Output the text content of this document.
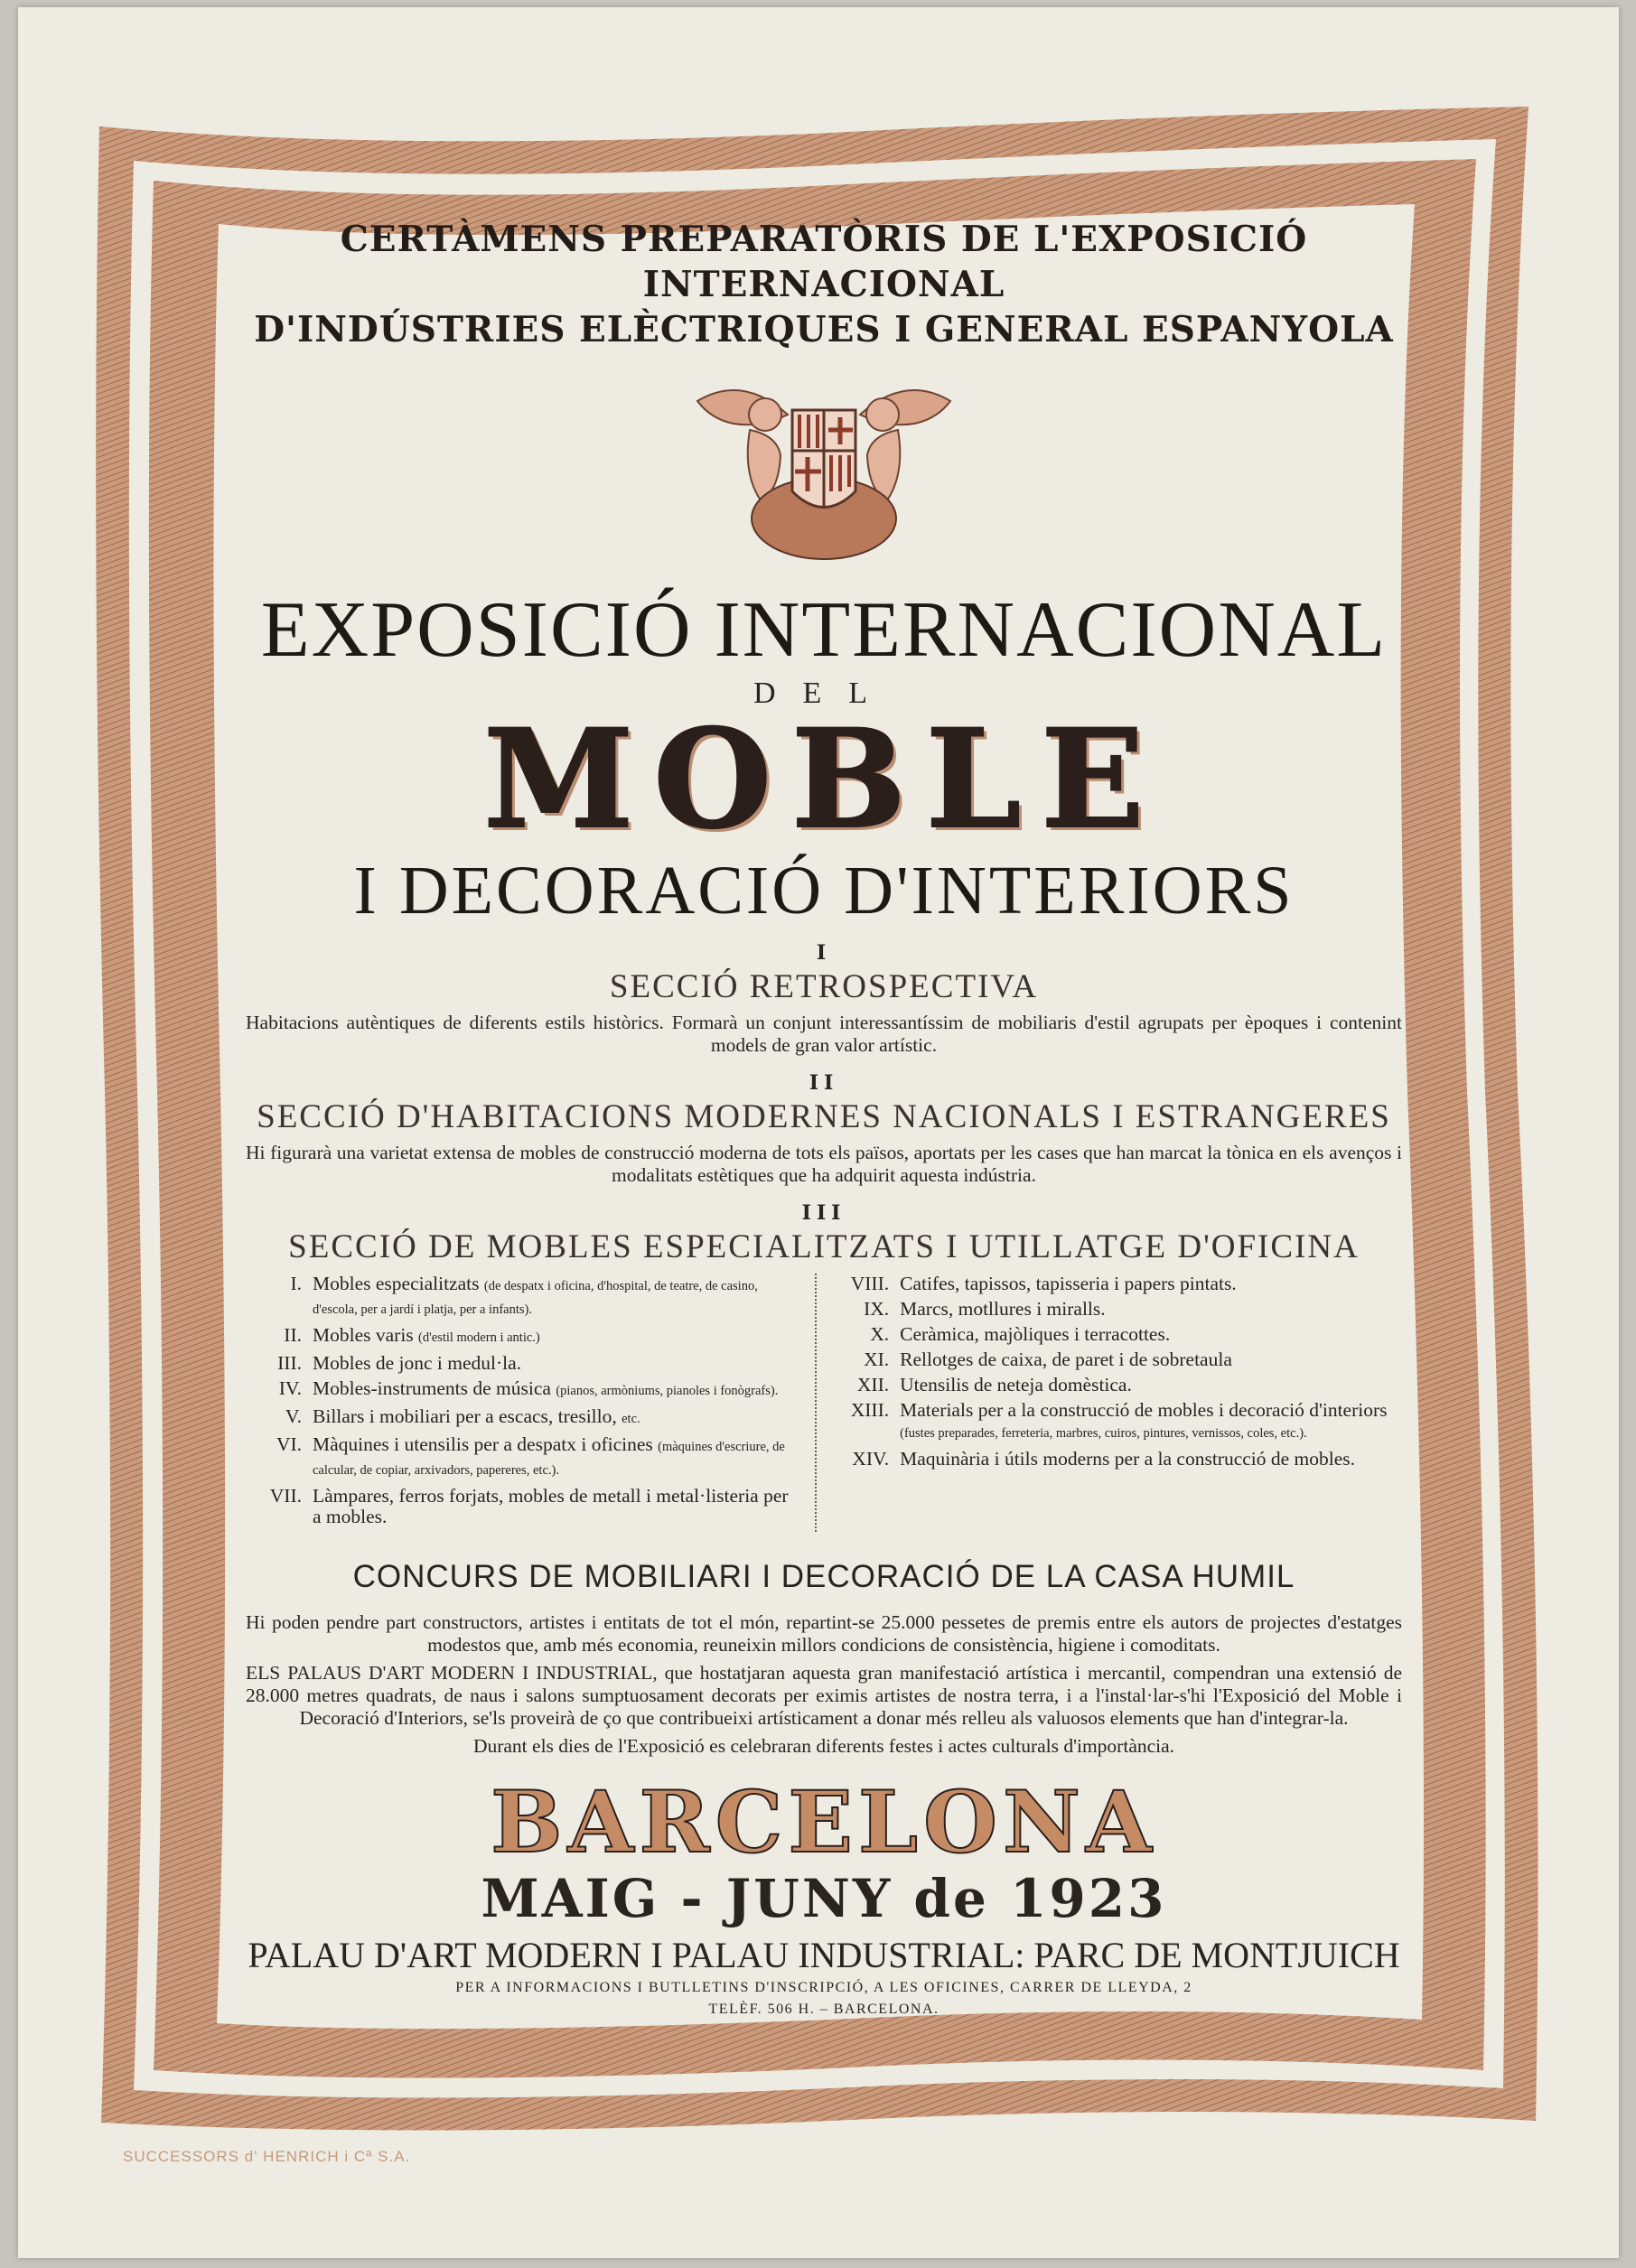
SUCCESSORS d' HENRICH i Cª S.A.

CERTÀMENS PREPARATÒRIS DE L'EXPOSICIÓ INTERNACIONAL

D'INDÚSTRIES ELÈCTRIQUES I GENERAL ESPANYOLA

EXPOSICIÓ INTERNACIONAL

DEL

MOBLE

I DECORACIÓ D'INTERIORS

I

SECCIÓ RETROSPECTIVA

Habitacions autèntiques de diferents estils històrics. Formarà un conjunt interessantíssim de mobiliaris d'estil agrupats per èpoques i contenint models de gran valor artístic.

II

SECCIÓ D'HABITACIONS MODERNES NACIONALS I ESTRANGERES

Hi figurarà una varietat extensa de mobles de construcció moderna de tots els països, aportats per les cases que han marcat la tònica en els avenços i modalitats estètiques que ha adquirit aquesta indústria.

III

SECCIÓ DE MOBLES ESPECIALITZATS I UTILLATGE D'OFICINA

I. Mobles especialitzats (de despatx i oficina, d'hospital, de teatre, de casino, d'escola, per a jardí i platja, per a infants).
II. Mobles varis (d'estil modern i antic.)
III. Mobles de jonc i medul·la.
IV. Mobles-instruments de música (pianos, armòniums, pianoles i fonògrafs).
V. Billars i mobiliari per a escacs, tresillo, etc.
VI. Màquines i utensilis per a despatx i oficines (màquines d'escriure, de calcular, de copiar, arxivadors, papereres, etc.).
VII. Làmpares, ferros forjats, mobles de metall i metal·listeria per a mobles.
VIII. Catifes, tapissos, tapisseria i papers pintats.
IX. Marcs, motllures i miralls.
X. Ceràmica, majòliques i terracottes.
XI. Rellotges de caixa, de paret i de sobretaula
XII. Utensilis de neteja domèstica.
XIII. Materials per a la construcció de mobles i decoració d'interiors (fustes preparades, ferreteria, marbres, cuiros, pintures, vernissos, coles, etc.).
XIV. Maquinària i útils moderns per a la construcció de mobles.

CONCURS DE MOBILIARI I DECORACIÓ DE LA CASA HUMIL

Hi poden pendre part constructors, artistes i entitats de tot el món, repartint-se 25.000 pessetes de premis entre els autors de projectes d'estatges modestos que, amb més economia, reuneixin millors condicions de consistència, higiene i comoditats.

ELS PALAUS D'ART MODERN I INDUSTRIAL, que hostatjaran aquesta gran manifestació artística i mercantil, compendran una extensió de 28.000 metres quadrats, de naus i salons sumptuosament decorats per eximis artistes de nostra terra, i a l'instal·lar-s'hi l'Exposició del Moble i Decoració d'Interiors, se'ls proveirà de ço que contribueixi artísticament a donar més relleu als valuosos elements que han d'integrar-la.

Durant els dies de l'Exposició es celebraran diferents festes i actes culturals d'importància.

BARCELONA

MAIG - JUNY de 1923

PALAU D'ART MODERN I PALAU INDUSTRIAL: PARC DE MONTJUICH

PER A INFORMACIONS I BUTLLETINS D'INSCRIPCIÓ, A LES OFICINES, CARRER DE LLEYDA, 2

TELÈF. 506 H. – BARCELONA.
